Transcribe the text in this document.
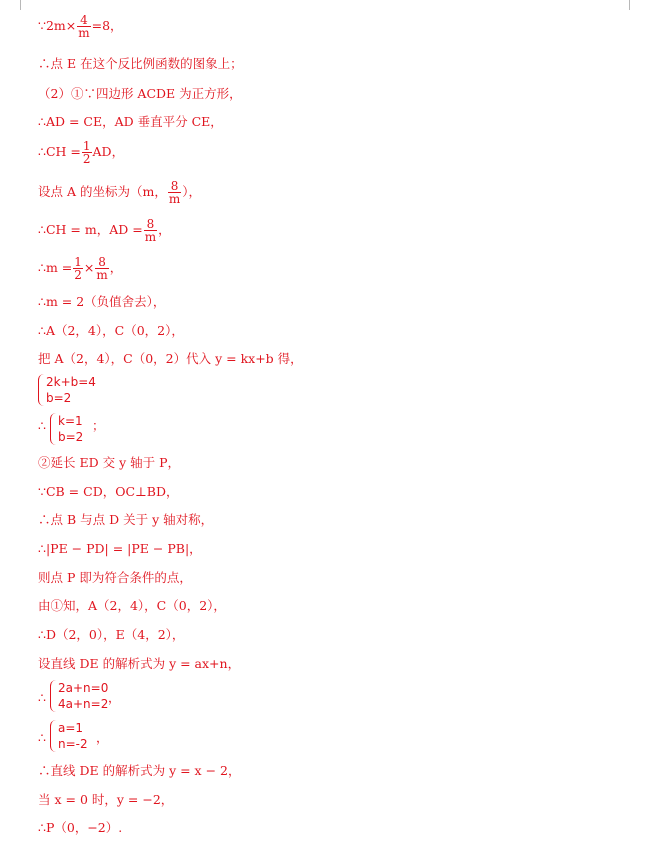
∵2m× $\frac{4}{m} =8$，
∴点 E 在这个反比例函数的图象上；
（2）①∵四边形 ACDE 为正方形，
∴AD = CE，AD 垂直平分 CE，
∴CH = $\frac{1}{2}$ AD，
设点 A 的坐标为（m， $\frac{8}{m}$ ），
∴CH = m，AD = $\frac{8}{m}$ ，
∴m = $\frac{1}{2} \times \frac{8}{m}$ ，
∴m = 2（负值舍去），
∴A（2，4），C（0，2），
把 A（2，4），C（0，2）代入 y = kx+b 得，
2k+b=4
b=2
∴	k=1
b=2
；
②延长 ED 交 y 轴于 P，
∵CB = CD，OC⊥BD，
∴点 B 与点 D 关于 y 轴对称，
∴|PE − PD| = |PE − PB|，
则点 P 即为符合条件的点，
由①知，A（2，4），C（0，2），
∴D（2，0），E（4，2），
设直线 DE 的解析式为 y = ax+n，
∴
2a+n=0
4a+n=2 ，
∴
a=1
n=-2 ，
∴直线 DE 的解析式为 y = x − 2，
当 x = 0 时，y = −2，
∴P（0，−2）.
